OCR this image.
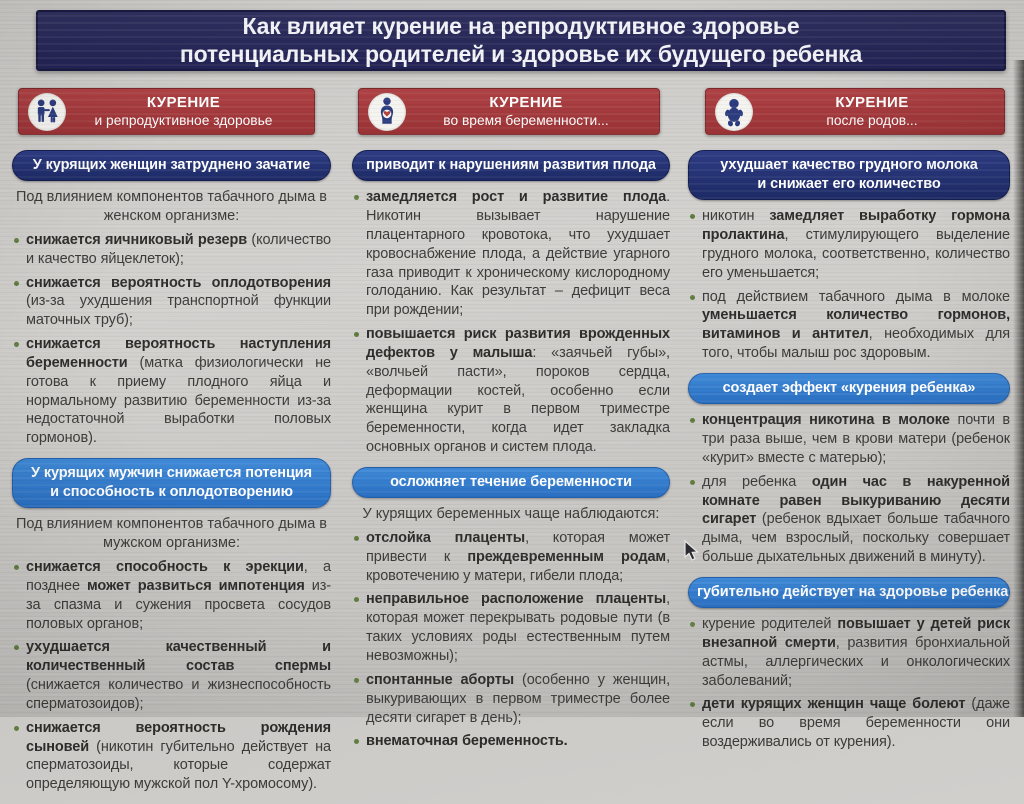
Как влияет курение на репродуктивное здоровье
потенциальных родителей и здоровье их будущего ребенка
КУРЕНИЕ
и репродуктивное здоровье
КУРЕНИЕ
во время беременности...
КУРЕНИЕ
после родов...
У курящих женщин затруднено зачатие

Под влиянием компонентов табачного дыма в женском организме:

снижается яичниковый резерв (количество и качество яйцеклеток);
снижается вероятность оплодотворения (из-за ухудшения транспортной функции маточных труб);
снижается вероятность наступления беременности (матка физиологически не готова к приему плодного яйца и нормальному развитию беременности из-за недостаточной выработки половых гормонов).
У курящих мужчин снижается потенция
и способность к оплодотворению

Под влиянием компонентов табачного дыма в мужском организме:

снижается способность к эрекции, а позднее может развиться импотенция из-за спазма и сужения просвета сосудов половых органов;
ухудшается качественный и количественный состав спермы (снижается количество и жизнеспособность сперматозоидов);
снижается вероятность рождения сыновей (никотин губительно действует на сперматозоиды, которые содержат определяющую мужской пол Y-хромосому).
приводит к нарушениям развития плода
замедляется рост и развитие плода. Никотин вызывает нарушение плацентарного кровотока, что ухудшает кровоснабжение плода, а действие угарного газа приводит к хроническому кислородному голоданию. Как результат – дефицит веса при рождении;
повышается риск развития врожденных дефектов у малыша: «заячьей губы», «волчьей пасти», пороков сердца, деформации костей, особенно если женщина курит в первом триместре беременности, когда идет закладка основных органов и систем плода.
осложняет течение беременности

У курящих беременных чаще наблюдаются:

отслойка плаценты, которая может привести к преждевременным родам, кровотечению у матери, гибели плода;
неправильное расположение плаценты, которая может перекрывать родовые пути (в таких условиях роды естественным путем невозможны);
спонтанные аборты (особенно у женщин, выкуривающих в первом триместре более десяти сигарет в день);
внематочная беременность.
ухудшает качество грудного молока
и снижает его количество
никотин замедляет выработку гормона пролактина, стимулирующего выделение грудного молока, соответственно, количество его уменьшается;
под действием табачного дыма в молоке уменьшается количество гормонов, витаминов и антител, необходимых для того, чтобы малыш рос здоровым.
создает эффект «курения ребенка»
концентрация никотина в молоке почти в три раза выше, чем в крови матери (ребенок «курит» вместе с матерью);
для ребенка один час в накуренной комнате равен выкуриванию десяти сигарет (ребенок вдыхает больше табачного дыма, чем взрослый, поскольку совершает больше дыхательных движений в минуту).
губительно действует на здоровье ребенка
курение родителей повышает у детей риск внезапной смерти, развития бронхиальной астмы, аллергических и онкологических заболеваний;
дети курящих женщин чаще болеют (даже если во время беременности они воздерживались от курения).
